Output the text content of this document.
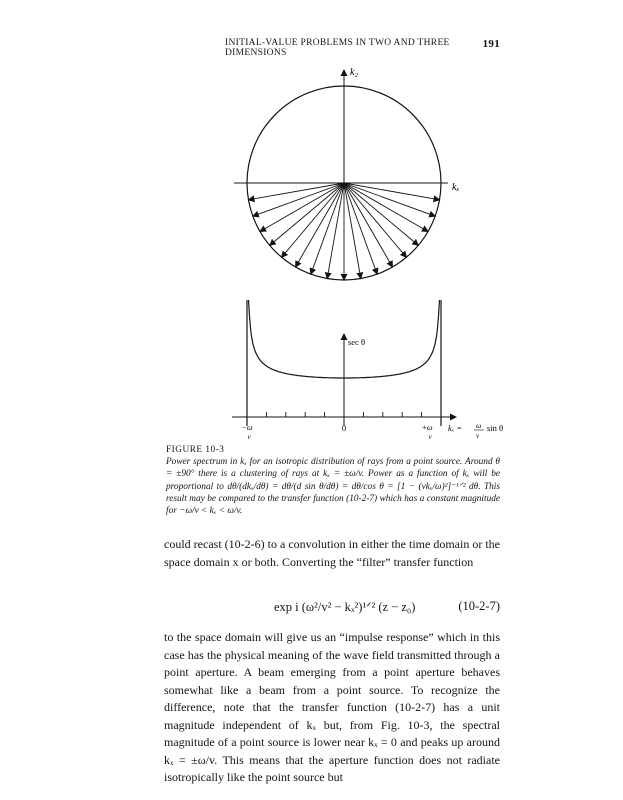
INITIAL-VALUE PROBLEMS IN TWO AND THREE DIMENSIONS
191
k₂
kₓ
sec θ
−ω
v
0	+ω
v
kₓ = ω
v
sin θ
FIGURE 10-3
Power spectrum in kₓ for an isotropic distribution of rays from a point source. Around θ = ±90° there is a clustering of rays at kₓ = ±ω/v. Power as a function of kₓ will be proportional to dθ/(dkₓ/dθ) = dθ/(d sin θ/dθ) = dθ/cos θ = [1 − (vkₓ/ω)²]⁻¹ᐟ² dθ. This result may be compared to the transfer function (10-2-7) which has a constant magnitude for −ω/v < kₓ < ω/v.
could recast (10-2-6) to a convolution in either the time domain or the space domain x or both. Converting the “filter” transfer function
exp i (ω²/v² − kₓ²)¹ᐟ² (z − z₀)	(10-2-7)
to the space domain will give us an “impulse response” which in this case has the physical meaning of the wave field transmitted through a point aperture. A beam emerging from a point aperture behaves somewhat like a beam from a point source. To recognize the difference, note that the transfer function (10-2-7) has a unit magnitude independent of kₓ but, from Fig. 10-3, the spectral magnitude of a point source is lower near kₓ = 0 and peaks up around kₓ = ±ω/v. This means that the aperture function does not radiate isotropically like the point source but
